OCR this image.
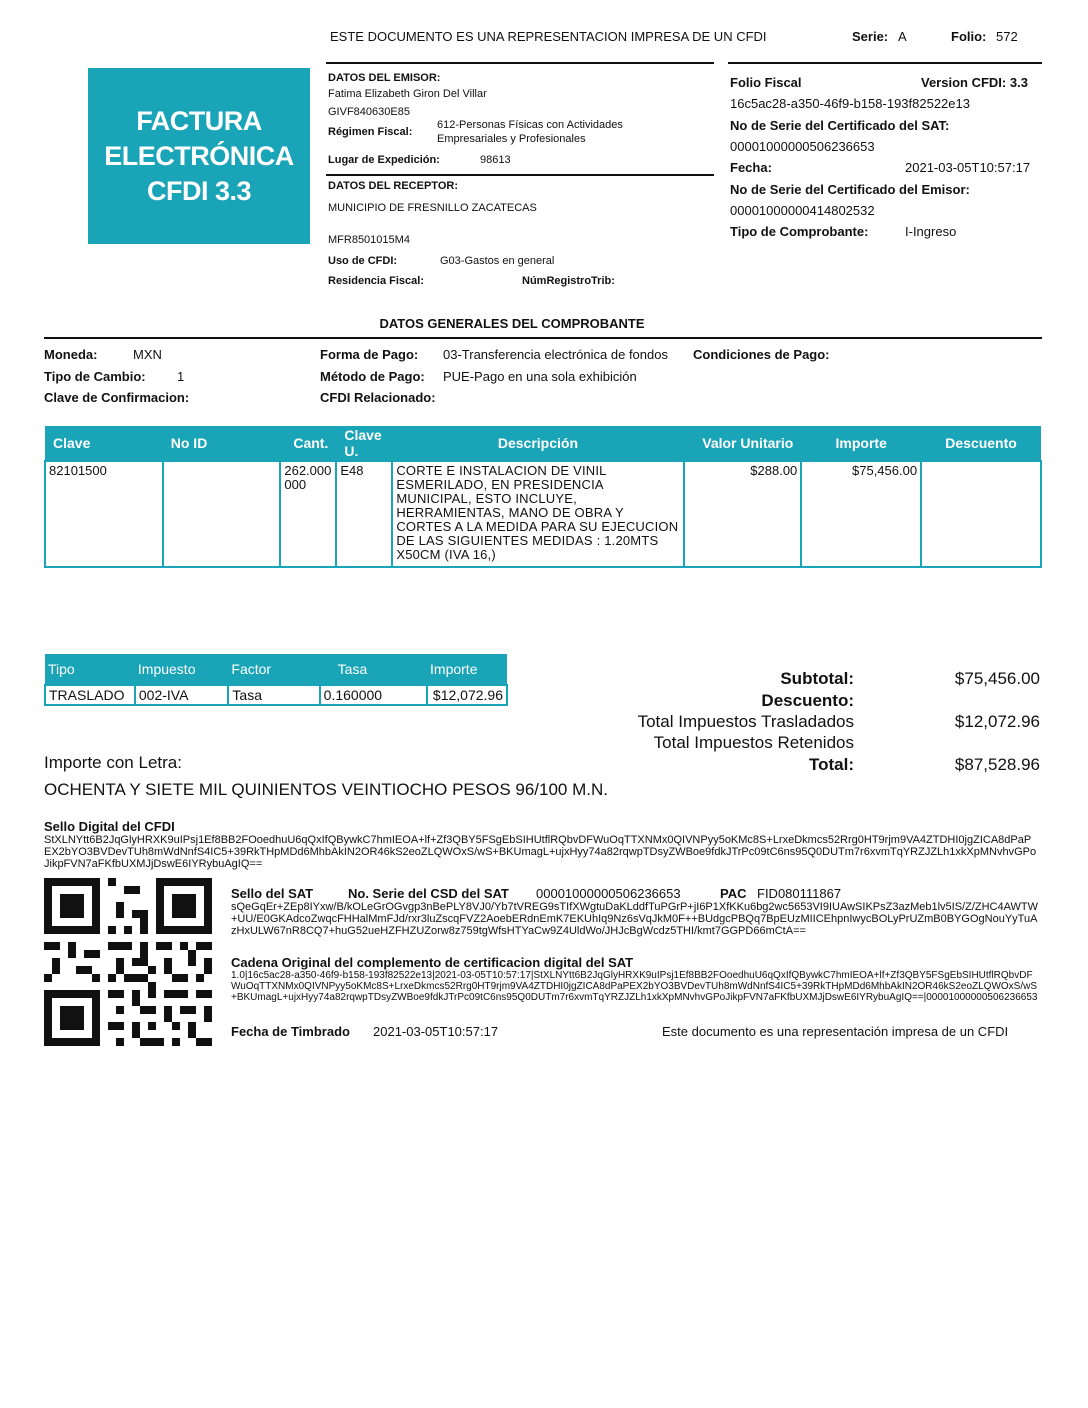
ESTE DOCUMENTO ES UNA REPRESENTACION IMPRESA DE UN CFDI	Serie: A	Folio: 572
FACTURA
ELECTRÓNICA
CFDI 3.3
DATOS DEL EMISOR:
Fatima Elizabeth Giron Del Villar
GIVF840630E85
Régimen Fiscal:
612-Personas Físicas con Actividades
Empresariales y Profesionales
Lugar de Expedición:	98613
DATOS DEL RECEPTOR:
MUNICIPIO DE FRESNILLO ZACATECAS
MFR8501015M4
Uso de CFDI:	G03-Gastos en general
Residencia Fiscal:	NúmRegistroTrib:
Folio Fiscal	Version CFDI: 3.3
16c5ac28-a350-46f9-b158-193f82522e13
No de Serie del Certificado del SAT:
00001000000506236653
Fecha:	2021-03-05T10:57:17
No de Serie del Certificado del Emisor:
00001000000414802532
Tipo de Comprobante:	I-Ingreso
DATOS GENERALES DEL COMPROBANTE
Moneda:	MXN	Forma de Pago: 03-Transferencia electrónica de fondos Condiciones de Pago:
Tipo de Cambio: 1	Método de Pago: PUE-Pago en una sola exhibición
Clave de Confirmacion:	CFDI Relacionado:
Clave	No ID	Cant.	Clave U.	Descripción	Valor Unitario	Importe	Descuento
82101500		262.000 000	E48	CORTE E INSTALACION DE VINIL ESMERILADO, EN PRESIDENCIA MUNICIPAL, ESTO INCLUYE, HERRAMIENTAS, MANO DE OBRA Y CORTES A LA MEDIDA PARA SU EJECUCION DE LAS SIGUIENTES MEDIDAS : 1.20MTS X50CM (IVA 16,)	$288.00	$75,456.00	
Tipo	Impuesto	Factor	Tasa	Importe
TRASLADO	002-IVA	Tasa	0.160000	$12,072.96
Subtotal:	$75,456.00
Descuento:
Total Impuestos Trasladados	$12,072.96
Total Impuestos Retenidos
Total:	$87,528.96
Importe con Letra:
OCHENTA Y SIETE MIL QUINIENTOS VEINTIOCHO PESOS 96/100 M.N.
Sello Digital del CFDI
StXLNYtt6B2JqGlyHRXK9uIPsj1Ef8BB2FOoedhuU6qQxIfQBywkC7hmIEOA+lf+Zf3QBY5FSgEbSIHUtflRQbvDFWuOqTTXNMx0QIVNPyy5oKMc8S+LrxeDkmcs52Rrg0HT9rjm9VA4ZTDHI0jgZICA8dPaPEX2bYO3BVDevTUh8mWdNnfS4IC5+39RkTHpMDd6MhbAkIN2OR46kS2eoZLQWOxS/wS+BKUmagL+ujxHyy74a82rqwpTDsyZWBoe9fdkJTrPc09tC6ns95Q0DUTm7r6xvmTqYRZJZLh1xkXpMNvhvGPoJikpFVN7aFKfbUXMJjDswE6IYRybuAgIQ==
Sello del SAT	No. Serie del CSD del SAT 00001000000506236653	PAC FID080111867
sQeGqEr+ZEp8IYxw/B/kOLeGrOGvgp3nBePLY8VJ0/Yb7tVREG9sTIfXWgtuDaKLddfTuPGrP+jI6P1XfKKu6bg2wc5653VI9IUAwSIKPsZ3azMeb1lv5IS/Z/ZHC4AWTW+UU/E0GKAdcoZwqcFHHalMmFJd/rxr3luZscqFVZ2AoebERdnEmK7EKUhIq9Nz6sVqJkM0F++BUdgcPBQq7BpEUzMIICEhpnIwycBOLyPrUZmB0BYGOgNouYyTuAzHxULW67nR8CQ7+huG52ueHZFHZUZorw8z759tgWfsHTYaCw9Z4UldWo/JHJcBgWcdz5THI/kmt7GGPD66mCtA==
Cadena Original del complemento de certificacion digital del SAT
1.0|16c5ac28-a350-46f9-b158-193f82522e13|2021-03-05T10:57:17|StXLNYtt6B2JqGlyHRXK9uIPsj1Ef8BB2FOoedhuU6qQxIfQBywkC7hmIEOA+lf+Zf3QBY5FSgEbSIHUtflRQbvDFWuOqTTXNMx0QIVNPyy5oKMc8S+LrxeDkmcs52Rrg0HT9rjm9VA4ZTDHI0jgZICA8dPaPEX2bYO3BVDevTUh8mWdNnfS4IC5+39RkTHpMDd6MhbAkIN2OR46kS2eoZLQWOxS/wS+BKUmagL+ujxHyy74a82rqwpTDsyZWBoe9fdkJTrPc09tC6ns95Q0DUTm7r6xvmTqYRZJZLh1xkXpMNvhvGPoJikpFVN7aFKfbUXMJjDswE6IYRybuAgIQ==|00001000000506236653
Fecha de Timbrado 2021-03-05T10:57:17	Este documento es una representación impresa de un CFDI
